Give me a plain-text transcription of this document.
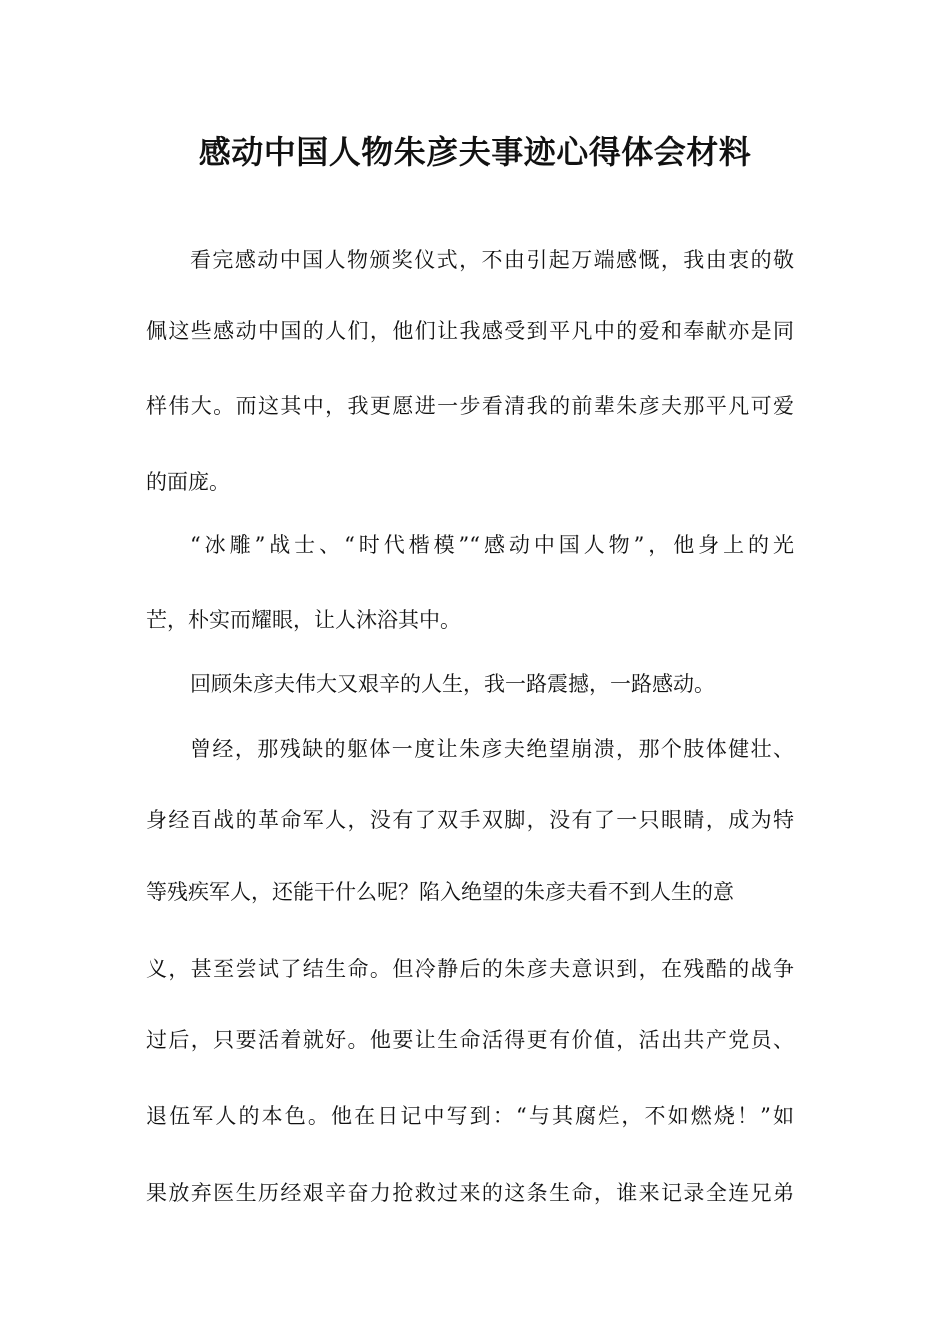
感动中国人物朱彦夫事迹心得体会材料

看完感动中国人物颁奖仪式，不由引起万端感慨，我由衷的敬

佩这些感动中国的人们，他们让我感受到平凡中的爱和奉献亦是同

样伟大。而这其中，我更愿进一步看清我的前辈朱彦夫那平凡可爱

的面庞。

“冰雕”战士、“时代楷模”“感动中国人物”，他身上的光

芒，朴实而耀眼，让人沐浴其中。

回顾朱彦夫伟大又艰辛的人生，我一路震撼，一路感动。

曾经，那残缺的躯体一度让朱彦夫绝望崩溃，那个肢体健壮、

身经百战的革命军人，没有了双手双脚，没有了一只眼睛，成为特

等残疾军人，还能干什么呢？陷入绝望的朱彦夫看不到人生的意

义，甚至尝试了结生命。但冷静后的朱彦夫意识到，在残酷的战争

过后，只要活着就好。他要让生命活得更有价值，活出共产党员、

退伍军人的本色。他在日记中写到：“与其腐烂，不如燃烧！”如

果放弃医生历经艰辛奋力抢救过来的这条生命，谁来记录全连兄弟
